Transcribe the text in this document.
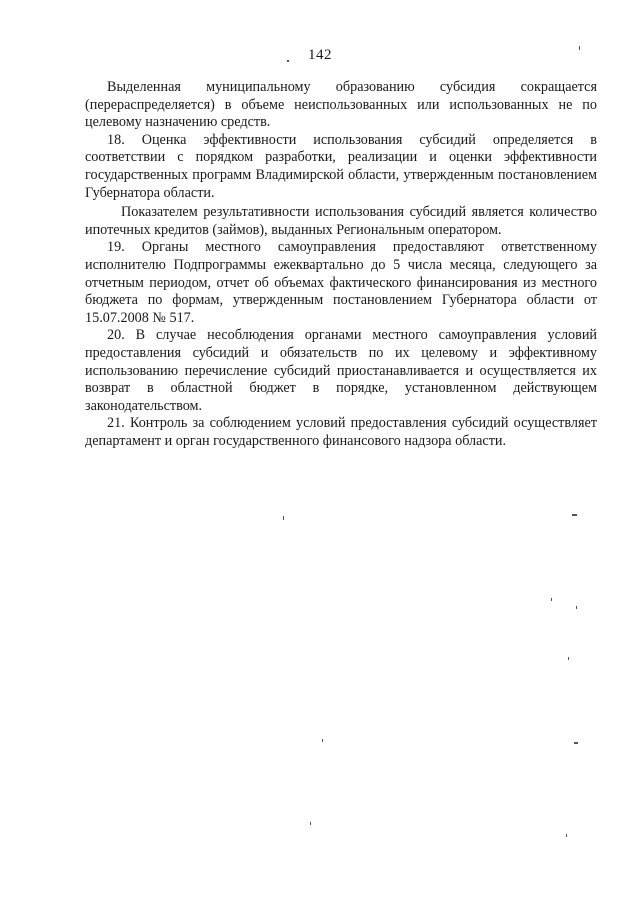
142

Выделенная муниципальному образованию субсидия сокращается (перераспределяется) в объеме неиспользованных или использованных не по целевому назначению средств.

18. Оценка эффективности использования субсидий определяется в соответствии с порядком разработки, реализации и оценки эффективности государственных программ Владимирской области, утвержденным постановлением Губернатора области.

Показателем результативности использования субсидий является количество ипотечных кредитов (займов), выданных Региональным оператором.

19. Органы местного самоуправления предоставляют ответственному исполнителю Подпрограммы ежеквартально до 5 числа месяца, следующего за отчетным периодом, отчет об объемах фактического финансирования из местного бюджета по формам, утвержденным постановлением Губернатора области от 15.07.2008 № 517.

20. В случае несоблюдения органами местного самоуправления условий предоставления субсидий и обязательств по их целевому и эффективному использованию перечисление субсидий приостанавливается и осуществляется их возврат в областной бюджет в порядке, установленном действующем законодательством.

21. Контроль за соблюдением условий предоставления субсидий осуществляет департамент и орган государственного финансового надзора области.
